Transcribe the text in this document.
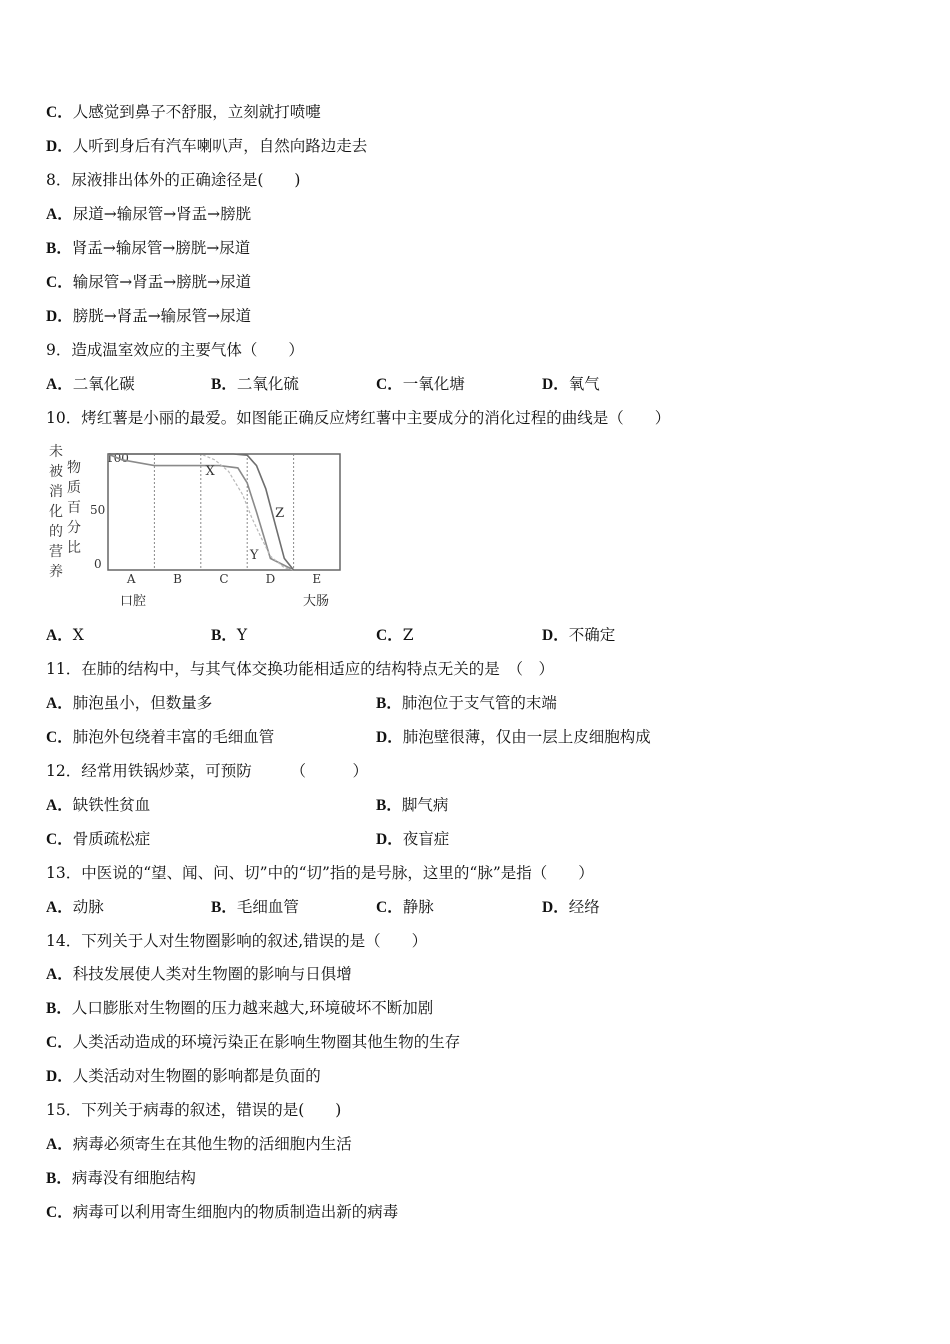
C．人感觉到鼻子不舒服，立刻就打喷嚏
D．人听到身后有汽车喇叭声，自然向路边走去
8．尿液排出体外的正确途径是(　　)
A．尿道→输尿管→肾盂→膀胱
B．肾盂→输尿管→膀胱→尿道
C．输尿管→肾盂→膀胱→尿道
D．膀胱→肾盂→输尿管→尿道
9．造成温室效应的主要气体（　　）
A．二氧化碳	B．二氧化硫	C．一氧化塘	D．氧气
10．烤红薯是小丽的最爱。如图能正确反应烤红薯中主要成分的消化过程的曲线是（　　）
未
被
消
化
的
营
养
物
质
百
分
比
100
50
0
X
Y
Z
A	B	C	D	E
口腔	大肠
A．X	B．Y	C．Z	D．不确定
11．在肺的结构中，与其气体交换功能相适应的结构特点无关的是　（　）
A．肺泡虽小，但数量多	B．肺泡位于支气管的末端
C．肺泡外包绕着丰富的毛细血管	D．肺泡壁很薄，仅由一层上皮细胞构成
12．经常用铁锅炒菜，可预防　　　（　　　）
A．缺铁性贫血	B．脚气病
C．骨质疏松症	D．夜盲症
13．中医说的“望、闻、问、切”中的“切”指的是号脉，这里的“脉”是指（　　）
A．动脉	B．毛细血管	C．静脉	D．经络
14．下列关于人对生物圈影响的叙述,错误的是（　　）
A．科技发展使人类对生物圈的影响与日俱增
B．人口膨胀对生物圈的压力越来越大,环境破坏不断加剧
C．人类活动造成的环境污染正在影响生物圈其他生物的生存
D．人类活动对生物圈的影响都是负面的
15．下列关于病毒的叙述，错误的是(　　)
A．病毒必须寄生在其他生物的活细胞内生活
B．病毒没有细胞结构
C．病毒可以利用寄生细胞内的物质制造出新的病毒
